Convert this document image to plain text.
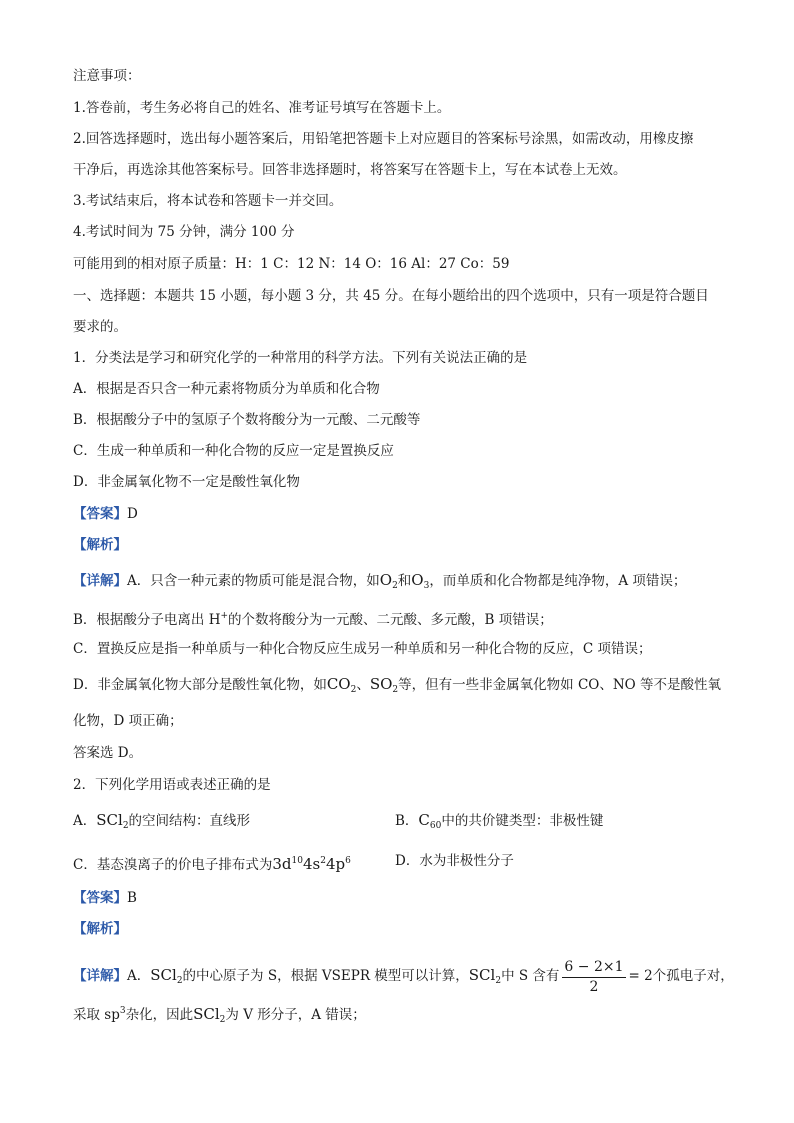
注意事项：
1.答卷前，考生务必将自己的姓名、准考证号填写在答题卡上。
2.回答选择题时，选出每小题答案后，用铅笔把答题卡上对应题目的答案标号涂黑，如需改动，用橡皮擦
干净后，再选涂其他答案标号。回答非选择题时，将答案写在答题卡上，写在本试卷上无效。
3.考试结束后，将本试卷和答题卡一并交回。
4.考试时间为 75 分钟，满分 100 分
可能用到的相对原子质量：H：1 C：12 N：14 O：16 Al：27 Co：59
一、选择题：本题共 15 小题，每小题 3 分，共 45 分。在每小题给出的四个选项中，只有一项是符合题目
要求的。
1．分类法是学习和研究化学的一种常用的科学方法。下列有关说法正确的是
A．根据是否只含一种元素将物质分为单质和化合物
B．根据酸分子中的氢原子个数将酸分为一元酸、二元酸等
C．生成一种单质和一种化合物的反应一定是置换反应
D．非金属氧化物不一定是酸性氧化物
【答案】D
【解析】
【详解】A．只含一种元素的物质可能是混合物，如$O_2$和$O_3$，而单质和化合物都是纯净物，A 项错误；
B．根据酸分子电离出 H+的个数将酸分为一元酸、二元酸、多元酸，B 项错误；
C．置换反应是指一种单质与一种化合物反应生成另一种单质和另一种化合物的反应，C 项错误；
D．非金属氧化物大部分是酸性氧化物，如$CO_2$、$SO_2$等，但有一些非金属氧化物如 CO、NO 等不是酸性氧
化物，D 项正确；
答案选 D。
2．下列化学用语或表述正确的是
A．SCl$_2$的空间结构：直线形	B．$C_{60}$中的共价键类型：非极性键
C．基态溴离子的价电子排布式为$3d^{10}4s^24p^6$	D．水为非极性分子
【答案】B
【解析】
【详解】A．SCl$_2$的中心原子为 S，根据 VSEPR 模型可以计算，SCl$_2$中 S 含有 $\frac{6 - 2\times 1}{2} = 2$个孤电子对，
采取 $sp^3$杂化，因此SCl$_2$为 V 形分子，A 错误；
